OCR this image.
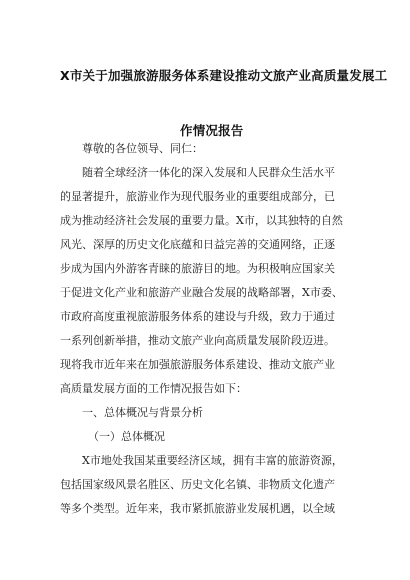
X市关于加强旅游服务体系建设推动文旅产业高质量发展工
作情况报告
尊敬的各位领导、同仁：
随着全球经济一体化的深入发展和人民群众生活水平
的显著提升，旅游业作为现代服务业的重要组成部分，已
成为推动经济社会发展的重要力量。X市，以其独特的自然
风光、深厚的历史文化底蕴和日益完善的交通网络，正逐
步成为国内外游客青睐的旅游目的地。为积极响应国家关
于促进文化产业和旅游产业融合发展的战略部署，X市委、
市政府高度重视旅游服务体系的建设与升级，致力于通过
一系列创新举措，推动文旅产业向高质量发展阶段迈进。
现将我市近年来在加强旅游服务体系建设、推动文旅产业
高质量发展方面的工作情况报告如下：
一、总体概况与背景分析
（一）总体概况
X市地处我国某重要经济区域，拥有丰富的旅游资源，
包括国家级风景名胜区、历史文化名镇、非物质文化遗产
等多个类型。近年来，我市紧抓旅游业发展机遇，以全域
